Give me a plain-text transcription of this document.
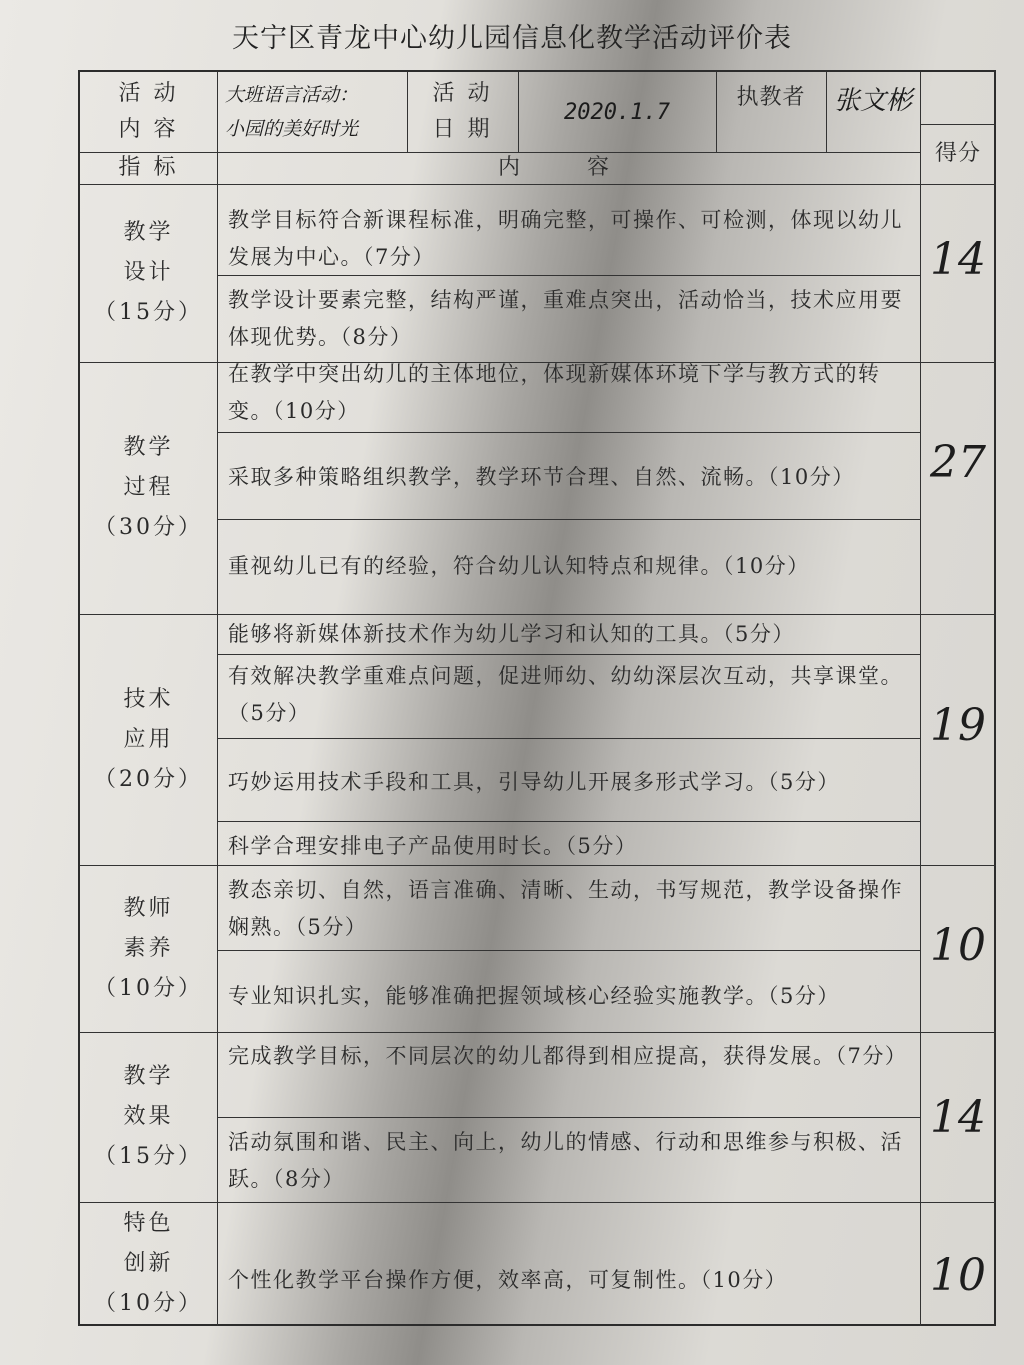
天宁区青龙中心幼儿园信息化教学活动评价表
活 动
内 容
大班语言活动：
小园的美好时光
活 动
日 期
2020.1.7
执教者	张文彬
得分
指 标	内 容
教学
设计
（15分）
教学
过程
（30分）
技术
应用
（20分）
教师
素养
（10分）
教学
效果
（15分）
特色
创新
（10分）
教学目标符合新课程标准，明确完整，可操作、可检测，体现以幼儿发展为中心。（7分）
教学设计要素完整，结构严谨，重难点突出，活动恰当，技术应用要体现优势。（8分）
在教学中突出幼儿的主体地位，体现新媒体环境下学与教方式的转变。（10分）
采取多种策略组织教学，教学环节合理、自然、流畅。（10分）
重视幼儿已有的经验，符合幼儿认知特点和规律。（10分）
能够将新媒体新技术作为幼儿学习和认知的工具。（5分）
有效解决教学重难点问题，促进师幼、幼幼深层次互动，共享课堂。（5分）
巧妙运用技术手段和工具，引导幼儿开展多形式学习。（5分）
科学合理安排电子产品使用时长。（5分）
教态亲切、自然，语言准确、清晰、生动，书写规范，教学设备操作娴熟。（5分）
专业知识扎实，能够准确把握领域核心经验实施教学。（5分）
完成教学目标，不同层次的幼儿都得到相应提高，获得发展。（7分）
活动氛围和谐、民主、向上，幼儿的情感、行动和思维参与积极、活跃。（8分）
个性化教学平台操作方便，效率高，可复制性。（10分）
14
27
19
10
14
10
